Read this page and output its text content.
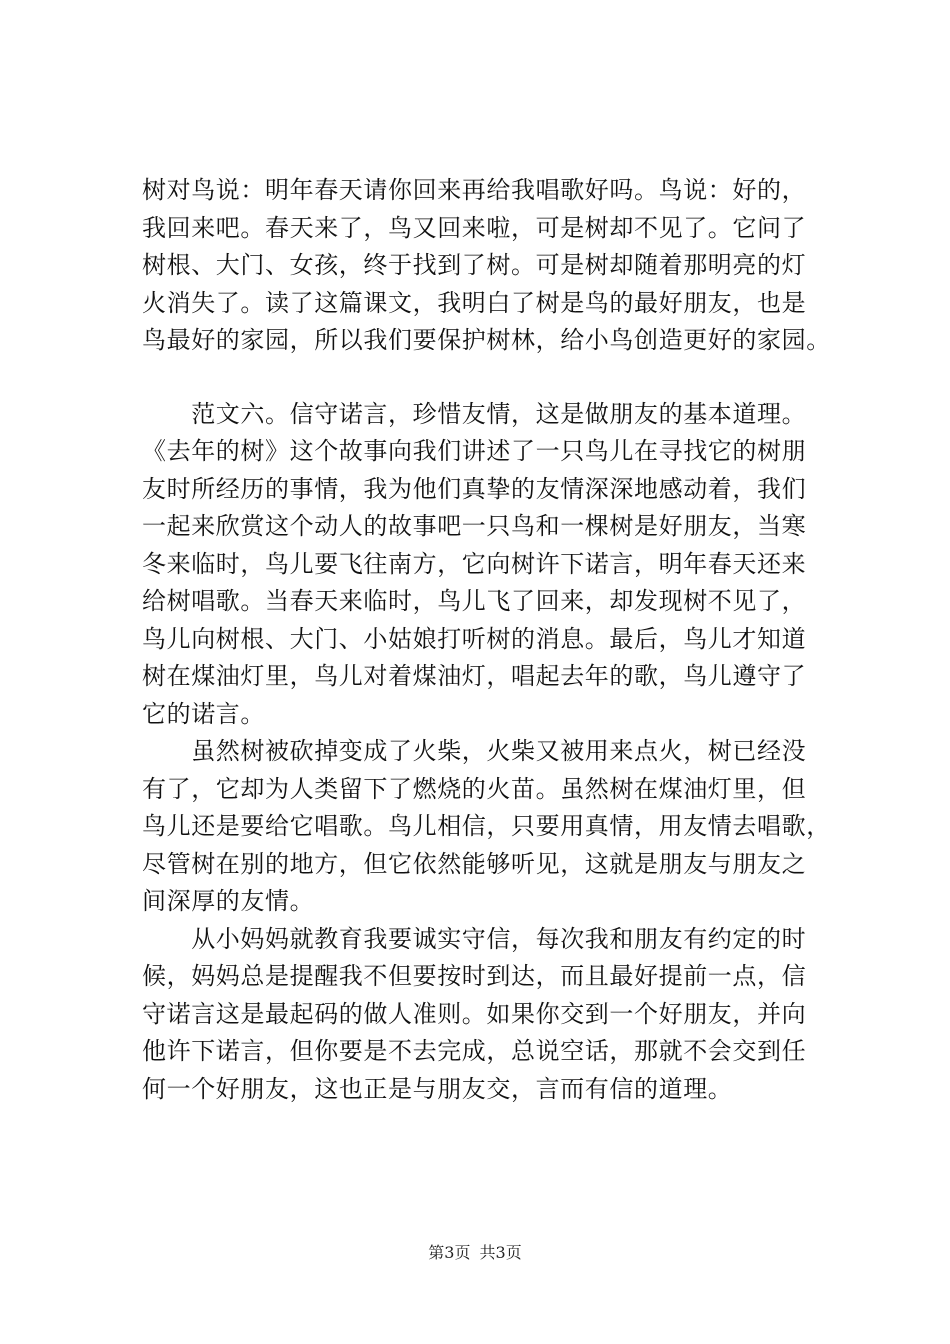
树对鸟说：明年春天请你回来再给我唱歌好吗。鸟说：好的，
我回来吧。春天来了，鸟又回来啦，可是树却不见了。它问了
树根、大门、女孩，终于找到了树。可是树却随着那明亮的灯
火消失了。读了这篇课文，我明白了树是鸟的最好朋友，也是
鸟最好的家园，所以我们要保护树林，给小鸟创造更好的家园。
　　范文六。信守诺言，珍惜友情，这是做朋友的基本道理。
《去年的树》这个故事向我们讲述了一只鸟儿在寻找它的树朋
友时所经历的事情，我为他们真挚的友情深深地感动着，我们
一起来欣赏这个动人的故事吧一只鸟和一棵树是好朋友，当寒
冬来临时，鸟儿要飞往南方，它向树许下诺言，明年春天还来
给树唱歌。当春天来临时，鸟儿飞了回来，却发现树不见了，
鸟儿向树根、大门、小姑娘打听树的消息。最后，鸟儿才知道
树在煤油灯里，鸟儿对着煤油灯，唱起去年的歌，鸟儿遵守了
它的诺言。
　　虽然树被砍掉变成了火柴，火柴又被用来点火，树已经没
有了，它却为人类留下了燃烧的火苗。虽然树在煤油灯里，但
鸟儿还是要给它唱歌。鸟儿相信，只要用真情，用友情去唱歌，
尽管树在别的地方，但它依然能够听见，这就是朋友与朋友之
间深厚的友情。
　　从小妈妈就教育我要诚实守信，每次我和朋友有约定的时
候，妈妈总是提醒我不但要按时到达，而且最好提前一点，信
守诺言这是最起码的做人准则。如果你交到一个好朋友，并向
他许下诺言，但你要是不去完成，总说空话，那就不会交到任
何一个好朋友，这也正是与朋友交，言而有信的道理。
第3页 共3页
